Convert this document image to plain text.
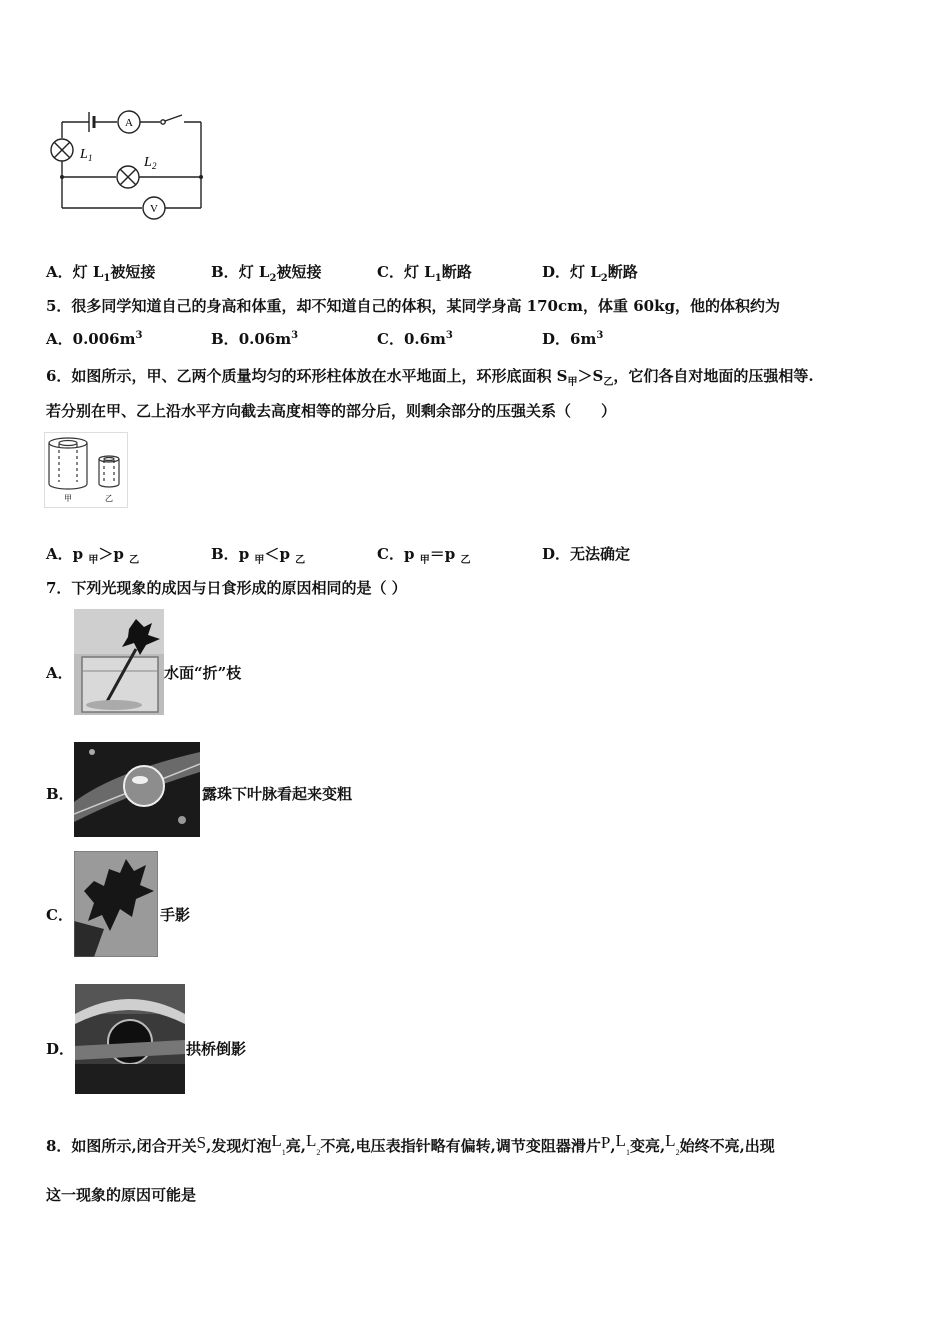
A
V
L 1	L 2
A．灯 $L_1$被短接	B．灯 $L_2$被短接	C．灯 $L_1$断路	D．灯 $L_2$断路
5．很多同学知道自己的身高和体重，却不知道自己的体积，某同学身高 170cm，体重 60kg，他的体积约为
A．$0.006m^3$	B．$0.06m^3$	C．$0.6m^3$	D．$6m^3$
6．如图所示，甲、乙两个质量均匀的环形柱体放在水平地面上，环形底面积 $S_甲>S_乙$，它们各自对地面的压强相等.
若分别在甲、乙上沿水平方向截去高度相等的部分后，则剩余部分的压强关系（　　）
甲	乙
A．p $_甲$＞p $_乙$	B．p $_甲$＜p $_乙$	C．p $_甲$＝p $_乙$	D．无法确定
7．下列光现象的成因与日食形成的原因相同的是（ ）
A．	水面“折”枝
B．	露珠下叶脉看起来变粗
C．	手影
D．	拱桥倒影
8．如图所示,闭合开关S,发现灯泡$L_1$亮$,L_2$不亮,电压表指针略有偏转,调节变阻器滑片$P,L_1$变亮$,L_2$始终不亮,出现
这一现象的原因可能是
